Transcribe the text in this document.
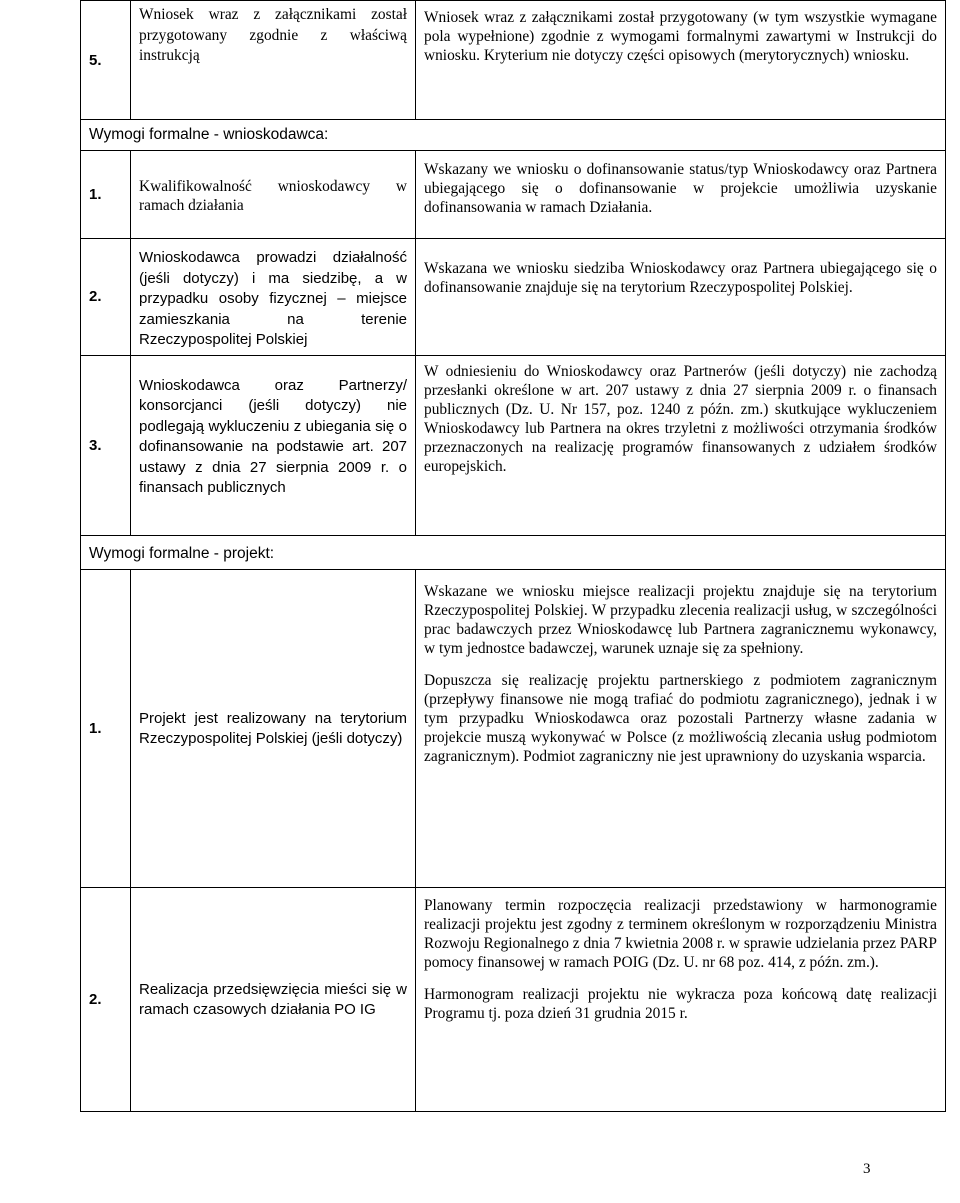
5.	Wniosek wraz z załącznikami został przygotowany zgodnie z właściwą instrukcją	Wniosek wraz z załącznikami został przygotowany (w tym wszystkie wymagane pola wypełnione) zgodnie z wymogami formalnymi zawartymi w Instrukcji do wniosku. Kryterium nie dotyczy części opisowych (merytorycznych) wniosku.
Wymogi formalne - wnioskodawca:		
1.	Kwalifikowalność wnioskodawcy w ramach działania	Wskazany we wniosku o dofinansowanie status/typ Wnioskodawcy oraz Partnera ubiegającego się o dofinansowanie w projekcie umożliwia uzyskanie dofinansowania w ramach Działania.
2.	Wnioskodawca prowadzi działalność (jeśli dotyczy) i ma siedzibę, a w przypadku osoby fizycznej – miejsce zamieszkania na terenie Rzeczypospolitej Polskiej	Wskazana we wniosku siedziba Wnioskodawcy oraz Partnera ubiegającego się o dofinansowanie znajduje się na terytorium Rzeczypospolitej Polskiej.
3.	Wnioskodawca oraz Partnerzy/ konsorcjanci (jeśli dotyczy) nie podlegają wykluczeniu z ubiegania się o dofinansowanie na podstawie art. 207 ustawy z dnia 27 sierpnia 2009 r. o finansach publicznych	W odniesieniu do Wnioskodawcy oraz Partnerów (jeśli dotyczy) nie zachodzą przesłanki określone w art. 207 ustawy z dnia 27 sierpnia 2009 r. o finansach publicznych (Dz. U. Nr 157, poz. 1240 z późn. zm.) skutkujące wykluczeniem Wnioskodawcy lub Partnera na okres trzyletni z możliwości otrzymania środków przeznaczonych na realizację programów finansowanych z udziałem środków europejskich.
Wymogi formalne - projekt:		
1.	Projekt jest realizowany na terytorium Rzeczypospolitej Polskiej (jeśli dotyczy)	Wskazane we wniosku miejsce realizacji projektu znajduje się na terytorium Rzeczypospolitej Polskiej. W przypadku zlecenia realizacji usług, w szczególności prac badawczych przez Wnioskodawcę lub Partnera zagranicznemu wykonawcy, w tym jednostce badawczej, warunek uznaje się za spełniony.

Dopuszcza się realizację projektu partnerskiego z podmiotem zagranicznym (przepływy finansowe nie mogą trafiać do podmiotu zagranicznego), jednak i w tym przypadku Wnioskodawca oraz pozostali Partnerzy własne zadania w projekcie muszą wykonywać w Polsce (z możliwością zlecania usług podmiotom zagranicznym). Podmiot zagraniczny nie jest uprawniony do uzyskania wsparcia.

2.	Realizacja przedsięwzięcia mieści się w ramach czasowych działania PO IG	Planowany termin rozpoczęcia realizacji przedstawiony w harmonogramie realizacji projektu jest zgodny z terminem określonym w rozporządzeniu Ministra Rozwoju Regionalnego z dnia 7 kwietnia 2008 r. w sprawie udzielania przez PARP pomocy finansowej w ramach POIG (Dz. U. nr 68 poz. 414, z późn. zm.).

Harmonogram realizacji projektu nie wykracza poza końcową datę realizacji Programu tj. poza dzień 31 grudnia 2015 r.

3
